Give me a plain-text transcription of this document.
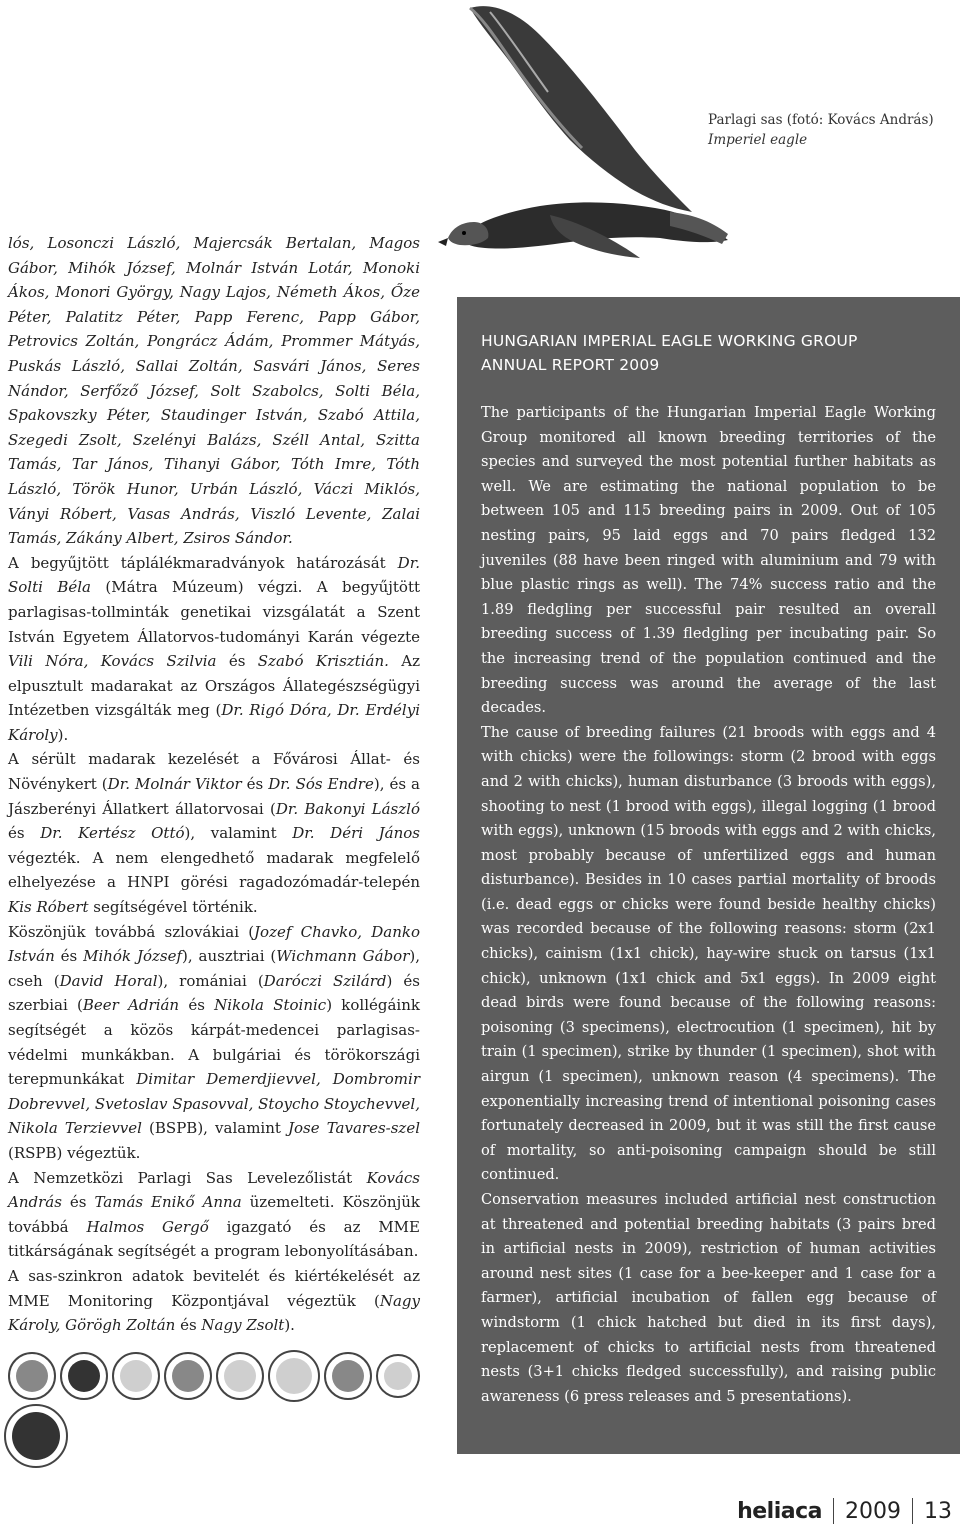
Parlagi sas (fotó: Kovács András)
Imperiel eagle

lós, Losonczi László, Majercsák Bertalan, Magos Gábor, Mihók József, Molnár István Lotár, Monoki Ákos, Monori György, Nagy Lajos, Németh Ákos, Őze Péter, Palatitz Péter, Papp Ferenc, Papp Gábor, Petrovics Zoltán, Pongrácz Ádám, Prommer Mátyás, Puskás László, Sallai Zoltán, Sasvári János, Seres Nándor, Serfőző József, Solt Szabolcs, Solti Béla, Spakovszky Péter, Staudinger István, Szabó Attila, Szegedi Zsolt, Szelényi Balázs, Széll Antal, Szitta Tamás, Tar János, Tihanyi Gábor, Tóth Imre, Tóth László, Török Hunor, Urbán László, Váczi Miklós, Ványi Róbert, Vasas András, Viszló Levente, Zalai Tamás, Zákány Albert, Zsiros Sándor.

A begyűjtött táplálékmaradványok határozását Dr. Solti Béla (Mátra Múzeum) végzi. A begyűjtött parlagisas-tollminták genetikai vizsgálatát a Szent István Egyetem Állatorvos-tudományi Karán végezte Vili Nóra, Kovács Szilvia és Szabó Krisztián. Az elpusztult madarakat az Országos Állategészségügyi Intézetben vizsgálták meg (Dr. Rigó Dóra, Dr. Erdélyi Károly).

A sérült madarak kezelését a Fővárosi Állat- és Növénykert (Dr. Molnár Viktor és Dr. Sós Endre), és a Jászberényi Állatkert állatorvosai (Dr. Bakonyi László és Dr. Kertész Ottó), valamint Dr. Déri János végezték. A nem elengedhető madarak megfelelő elhelyezése a HNPI görési ragadozómadár-telepén Kis Róbert segítségével történik.

Köszönjük továbbá szlovákiai (Jozef Chavko, Danko István és Mihók József), ausztriai (Wichmann Gábor), cseh (David Horal), romániai (Daróczi Szilárd) és szerbiai (Beer Adrián és Nikola Stoinic) kollégáink segítségét a közös kárpát-medencei parlagisas-védelmi munkákban. A bulgáriai és törökországi terepmunkákat Dimitar Demerdjievvel, Dombromir Dobrevvel, Svetoslav Spasovval, Stoycho Stoychevvel, Nikola Terzievvel (BSPB), valamint Jose Tavares-szel (RSPB) végeztük.

A Nemzetközi Parlagi Sas Levelezőlistát Kovács András és Tamás Enikő Anna üzemelteti. Köszönjük továbbá Halmos Gergő igazgató és az MME titkárságának segítségét a program lebonyolításában.

A sas-szinkron adatok bevitelét és kiértékelését az MME Monitoring Központjával végeztük (Nagy Károly, Görögh Zoltán és Nagy Zsolt).

HUNGARIAN IMPERIAL EAGLE WORKING GROUP
ANNUAL REPORT 2009

The participants of the Hungarian Imperial Eagle Working Group monitored all known breeding territories of the species and surveyed the most potential further habitats as well. We are estimating the national population to be between 105 and 115 breeding pairs in 2009. Out of 105 nesting pairs, 95 laid eggs and 70 pairs fledged 132 juveniles (88 have been ringed with aluminium and 79 with blue plastic rings as well). The 74% success ratio and the 1.89 fledgling per successful pair resulted an overall breeding success of 1.39 fledgling per incubating pair. So the increasing trend of the population continued and the breeding success was around the average of the last decades.

The cause of breeding failures (21 broods with eggs and 4 with chicks) were the followings: storm (2 brood with eggs and 2 with chicks), human disturbance (3 broods with eggs), shooting to nest (1 brood with eggs), illegal logging (1 brood with eggs), unknown (15 broods with eggs and 2 with chicks, most probably because of unfertilized eggs and human disturbance). Besides in 10 cases partial mortality of broods (i.e. dead eggs or chicks were found beside healthy chicks) was recorded because of the following reasons: storm (2x1 chicks), cainism (1x1 chick), hay-wire stuck on tarsus (1x1 chick), unknown (1x1 chick and 5x1 eggs). In 2009 eight dead birds were found because of the following reasons: poisoning (3 specimens), electrocution (1 specimen), hit by train (1 specimen), strike by thunder (1 specimen), shot with airgun (1 specimen), unknown reason (4 specimens). The exponentially increasing trend of intentional poisoning cases fortunately decreased in 2009, but it was still the first cause of mortality, so anti-poisoning campaign should be still continued.

Conservation measures included artificial nest construction at threatened and potential breeding habitats (3 pairs bred in artificial nests in 2009), restriction of human activities around nest sites (1 case for a bee-keeper and 1 case for a farmer), artificial incubation of fallen egg because of windstorm (1 chick hatched but died in its first days), replacement of chicks to artificial nests from threatened nests (3+1 chicks fledged successfully), and raising public awareness (6 press releases and 5 presentations).

heliaca 2009 13
